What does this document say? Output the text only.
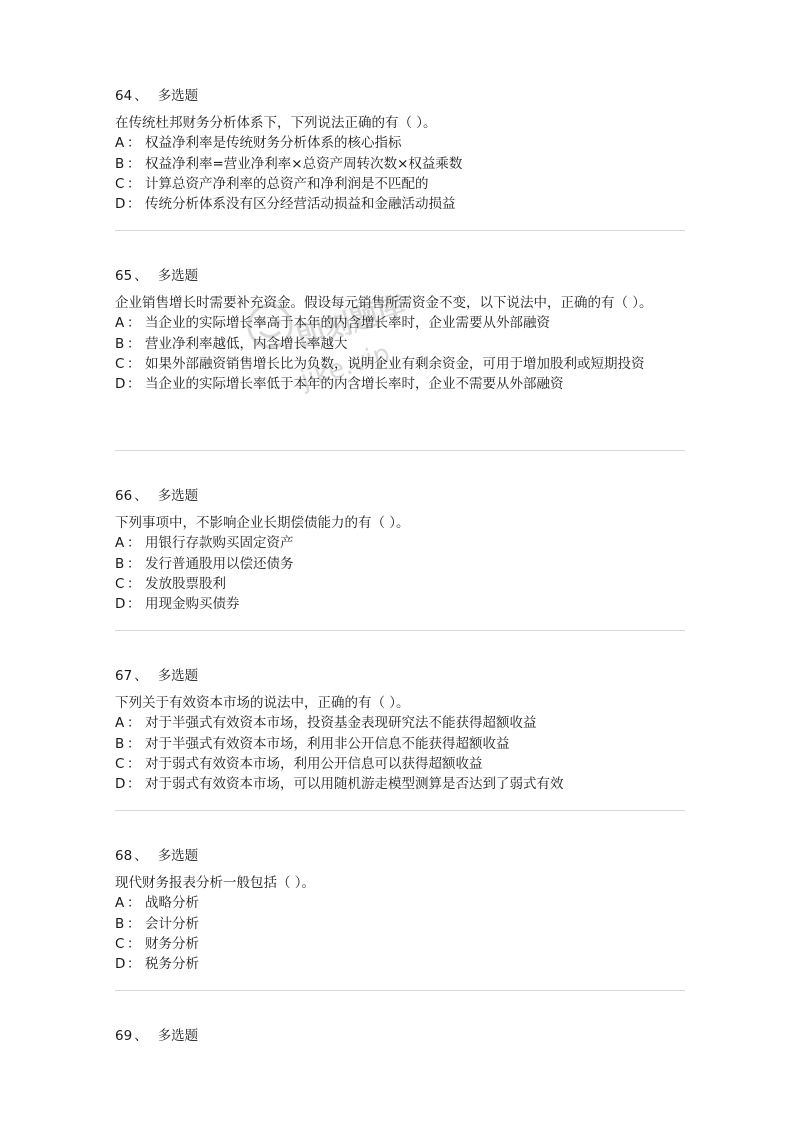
64 、 多选题
在传统杜邦财务分析体系下，下列说法正确的有（ ）。
A ： 权益净利率是传统财务分析体系的核心指标
B ： 权益净利率=营业净利率×总资产周转次数×权益乘数
C ： 计算总资产净利率的总资产和净利润是不匹配的
D ： 传统分析体系没有区分经营活动损益和金融活动损益
65 、 多选题
企业销售增长时需要补充资金。假设每元销售所需资金不变，以下说法中，正确的有（ ）。
A ： 当企业的实际增长率高于本年的内含增长率时，企业需要从外部融资
B ： 营业净利率越低，内含增长率越大
C ： 如果外部融资销售增长比为负数，说明企业有剩余资金，可用于增加股利或短期投资
D ： 当企业的实际增长率低于本年的内含增长率时，企业不需要从外部融资
66 、 多选题
下列事项中，不影响企业长期偿债能力的有（ ）。
A ： 用银行存款购买固定资产
B ： 发行普通股用以偿还债务
C ： 发放股票股利
D ： 用现金购买债券
67 、 多选题
下列关于有效资本市场的说法中，正确的有（ ）。
A ： 对于半强式有效资本市场，投资基金表现研究法不能获得超额收益
B ： 对于半强式有效资本市场，利用非公开信息不能获得超额收益
C ： 对于弱式有效资本市场，利用公开信息可以获得超额收益
D ： 对于弱式有效资本市场，可以用随机游走模型测算是否达到了弱式有效
68 、 多选题
现代财务报表分析一般包括（ ）。
A ： 战略分析
B ： 会计分析
C ： 财务分析
D ： 税务分析
69 、 多选题
即刻题库
jike.vip
